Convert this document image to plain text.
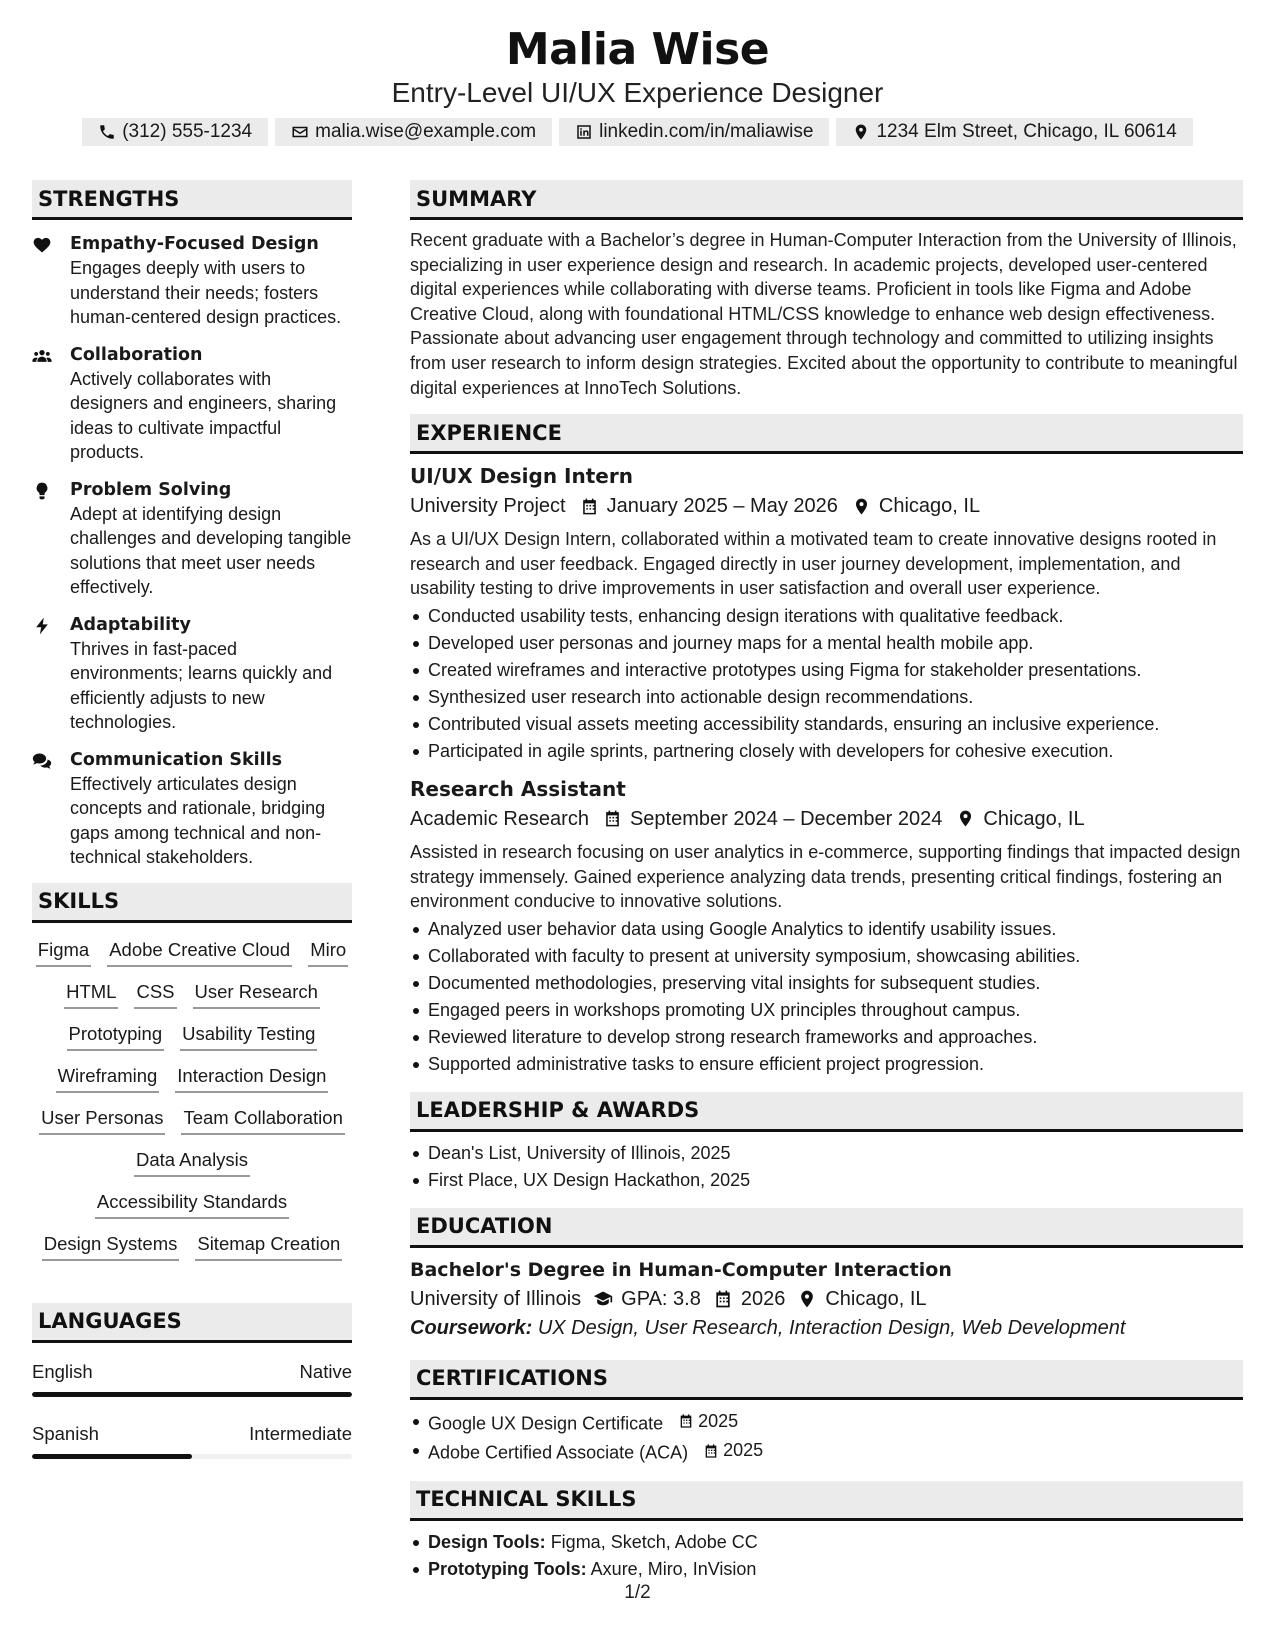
Malia Wise
Entry-Level UI/UX Experience Designer
(312) 555-1234	malia.wise@example.com	linkedin.com/in/maliawise	1234 Elm Street, Chicago, IL 60614
STRENGTHS
Empathy-Focused Design
Engages deeply with users to understand their needs; fosters human-centered design practices.
Collaboration
Actively collaborates with designers and engineers, sharing ideas to cultivate impactful products.
Problem Solving
Adept at identifying design challenges and developing tangible solutions that meet user needs effectively.
Adaptability
Thrives in fast-paced environments; learns quickly and efficiently adjusts to new technologies.
Communication Skills
Effectively articulates design concepts and rationale, bridging gaps among technical and non-technical stakeholders.
SKILLS
Figma Adobe Creative Cloud Miro
HTML CSS User Research
Prototyping Usability Testing
Wireframing Interaction Design
User Personas Team Collaboration
Data Analysis
Accessibility Standards
Design Systems Sitemap Creation
LANGUAGES
English	Native
Spanish	Intermediate
SUMMARY
Recent graduate with a Bachelor’s degree in Human-Computer Interaction from the University of Illinois, specializing in user experience design and research. In academic projects, developed user-centered digital experiences while collaborating with diverse teams. Proficient in tools like Figma and Adobe Creative Cloud, along with foundational HTML/CSS knowledge to enhance web design effectiveness. Passionate about advancing user engagement through technology and committed to utilizing insights from user research to inform design strategies. Excited about the opportunity to contribute to meaningful digital experiences at InnoTech Solutions.
EXPERIENCE
UI/UX Design Intern
University Project January 2025 – May 2026 Chicago, IL
As a UI/UX Design Intern, collaborated within a motivated team to create innovative designs rooted in research and user feedback. Engaged directly in user journey development, implementation, and usability testing to drive improvements in user satisfaction and overall user experience.
Conducted usability tests, enhancing design iterations with qualitative feedback.
Developed user personas and journey maps for a mental health mobile app.
Created wireframes and interactive prototypes using Figma for stakeholder presentations.
Synthesized user research into actionable design recommendations.
Contributed visual assets meeting accessibility standards, ensuring an inclusive experience.
Participated in agile sprints, partnering closely with developers for cohesive execution.
Research Assistant
Academic Research September 2024 – December 2024 Chicago, IL
Assisted in research focusing on user analytics in e-commerce, supporting findings that impacted design strategy immensely. Gained experience analyzing data trends, presenting critical findings, fostering an environment conducive to innovative solutions.
Analyzed user behavior data using Google Analytics to identify usability issues.
Collaborated with faculty to present at university symposium, showcasing abilities.
Documented methodologies, preserving vital insights for subsequent studies.
Engaged peers in workshops promoting UX principles throughout campus.
Reviewed literature to develop strong research frameworks and approaches.
Supported administrative tasks to ensure efficient project progression.
LEADERSHIP & AWARDS
Dean's List, University of Illinois, 2025
First Place, UX Design Hackathon, 2025
EDUCATION
Bachelor's Degree in Human-Computer Interaction
University of Illinois GPA: 3.8 2026 Chicago, IL
Coursework: UX Design, User Research, Interaction Design, Web Development
CERTIFICATIONS
Google UX Design Certificate 2025
Adobe Certified Associate (ACA) 2025
TECHNICAL SKILLS
Design Tools: Figma, Sketch, Adobe CC
Prototyping Tools: Axure, Miro, InVision
1/2
